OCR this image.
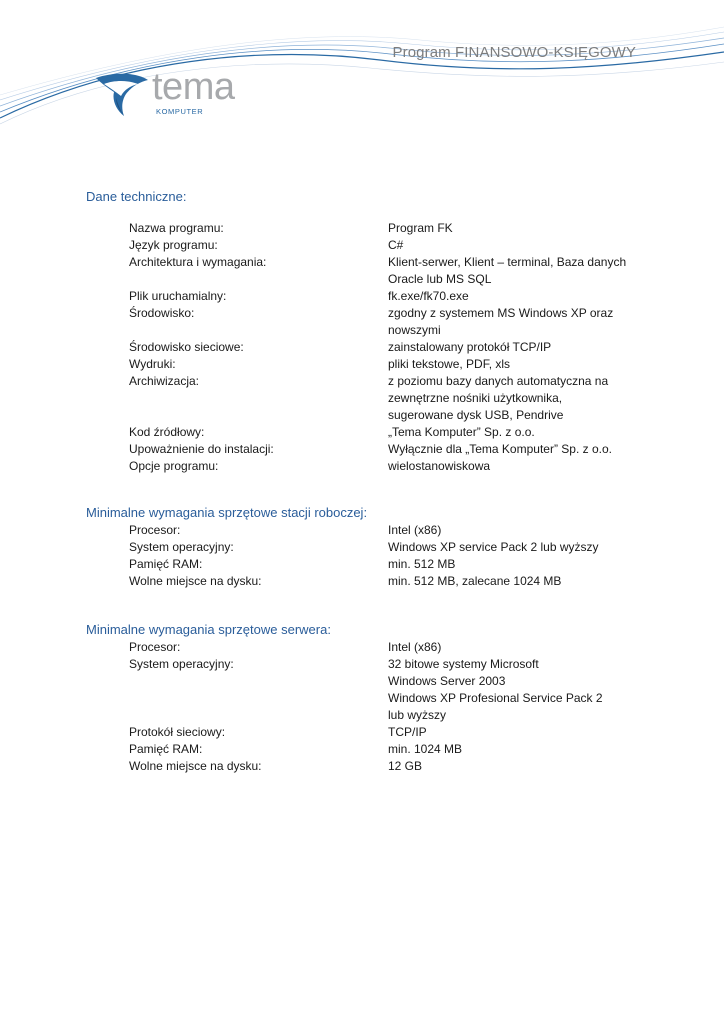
Program FINANSOWO-KSIĘGOWY
tema
KOMPUTER
Dane techniczne:
Nazwa programu:	Program FK
Język programu:	C#
Architektura i wymagania:	Klient-serwer, Klient – terminal, Baza danych
Oracle lub MS SQL
Plik uruchamialny:	fk.exe/fk70.exe
Środowisko:	zgodny z systemem MS Windows XP oraz
nowszymi
Środowisko sieciowe:	zainstalowany protokół TCP/IP
Wydruki:	pliki tekstowe, PDF, xls
Archiwizacja:	z poziomu bazy danych automatyczna na
zewnętrzne nośniki użytkownika,
sugerowane dysk USB, Pendrive
Kod źródłowy:	„Tema Komputer” Sp. z o.o.
Upoważnienie do instalacji:	Wyłącznie dla „Tema Komputer” Sp. z o.o.
Opcje programu:	wielostanowiskowa
Minimalne wymagania sprzętowe stacji roboczej:
Procesor:	Intel (x86)
System operacyjny:	Windows XP service Pack 2 lub wyższy
Pamięć RAM:	min. 512 MB
Wolne miejsce na dysku:	min. 512 MB, zalecane 1024 MB
Minimalne wymagania sprzętowe serwera:
Procesor:	Intel (x86)
System operacyjny:	32 bitowe systemy Microsoft
Windows Server 2003
Windows XP Profesional Service Pack 2
lub wyższy
Protokół sieciowy:	TCP/IP
Pamięć RAM:	min. 1024 MB
Wolne miejsce na dysku:	12 GB
